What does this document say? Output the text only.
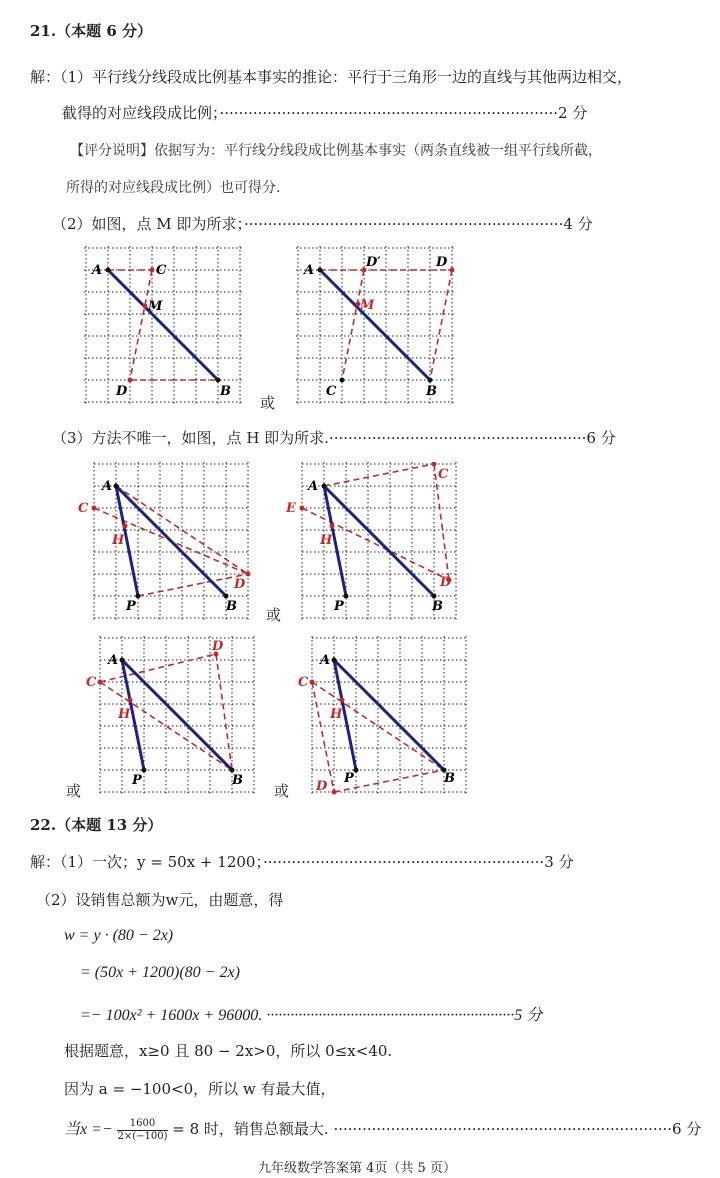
21.（本题 6 分）
解：（1）平行线分线段成比例基本事实的推论：平行于三角形一边的直线与其他两边相交，
截得的对应线段成比例；·······································································2 分
【评分说明】依据写为：平行线分线段成比例基本事实（两条直线被一组平行线所截，
所得的对应线段成比例）也可得分.
（2）如图，点 M 即为所求；···································································4 分
A	C
M
D	B
或
A
D′	D
M
C	B
（3）方法不唯一，如图，点 H 即为所求.······················································6 分
A
C
H
P	B
D
或
A
C
E
H
P	B
D
A
D
C
H
P	B
或
A
C
H
P	B
D
或
22.（本题 13 分）
解：（1）一次；y = 50x + 1200；···························································3 分
（2）设销售总额为w元，由题意，得
w = y · (80 − 2x)
= (50x + 1200)(80 − 2x)
=− 100x² + 1600x + 96000. ······························································5 分
根据题意，x≥0 且 80 − 2x>0，所以 0≤x<40.
因为 a = −100<0，所以 w 有最大值，
当$x =- \frac{1600}{2\times(-100)} = 8$ 时，销售总额最大. ·······································································6 分
九年级数学答案第 4页（共 5 页）
